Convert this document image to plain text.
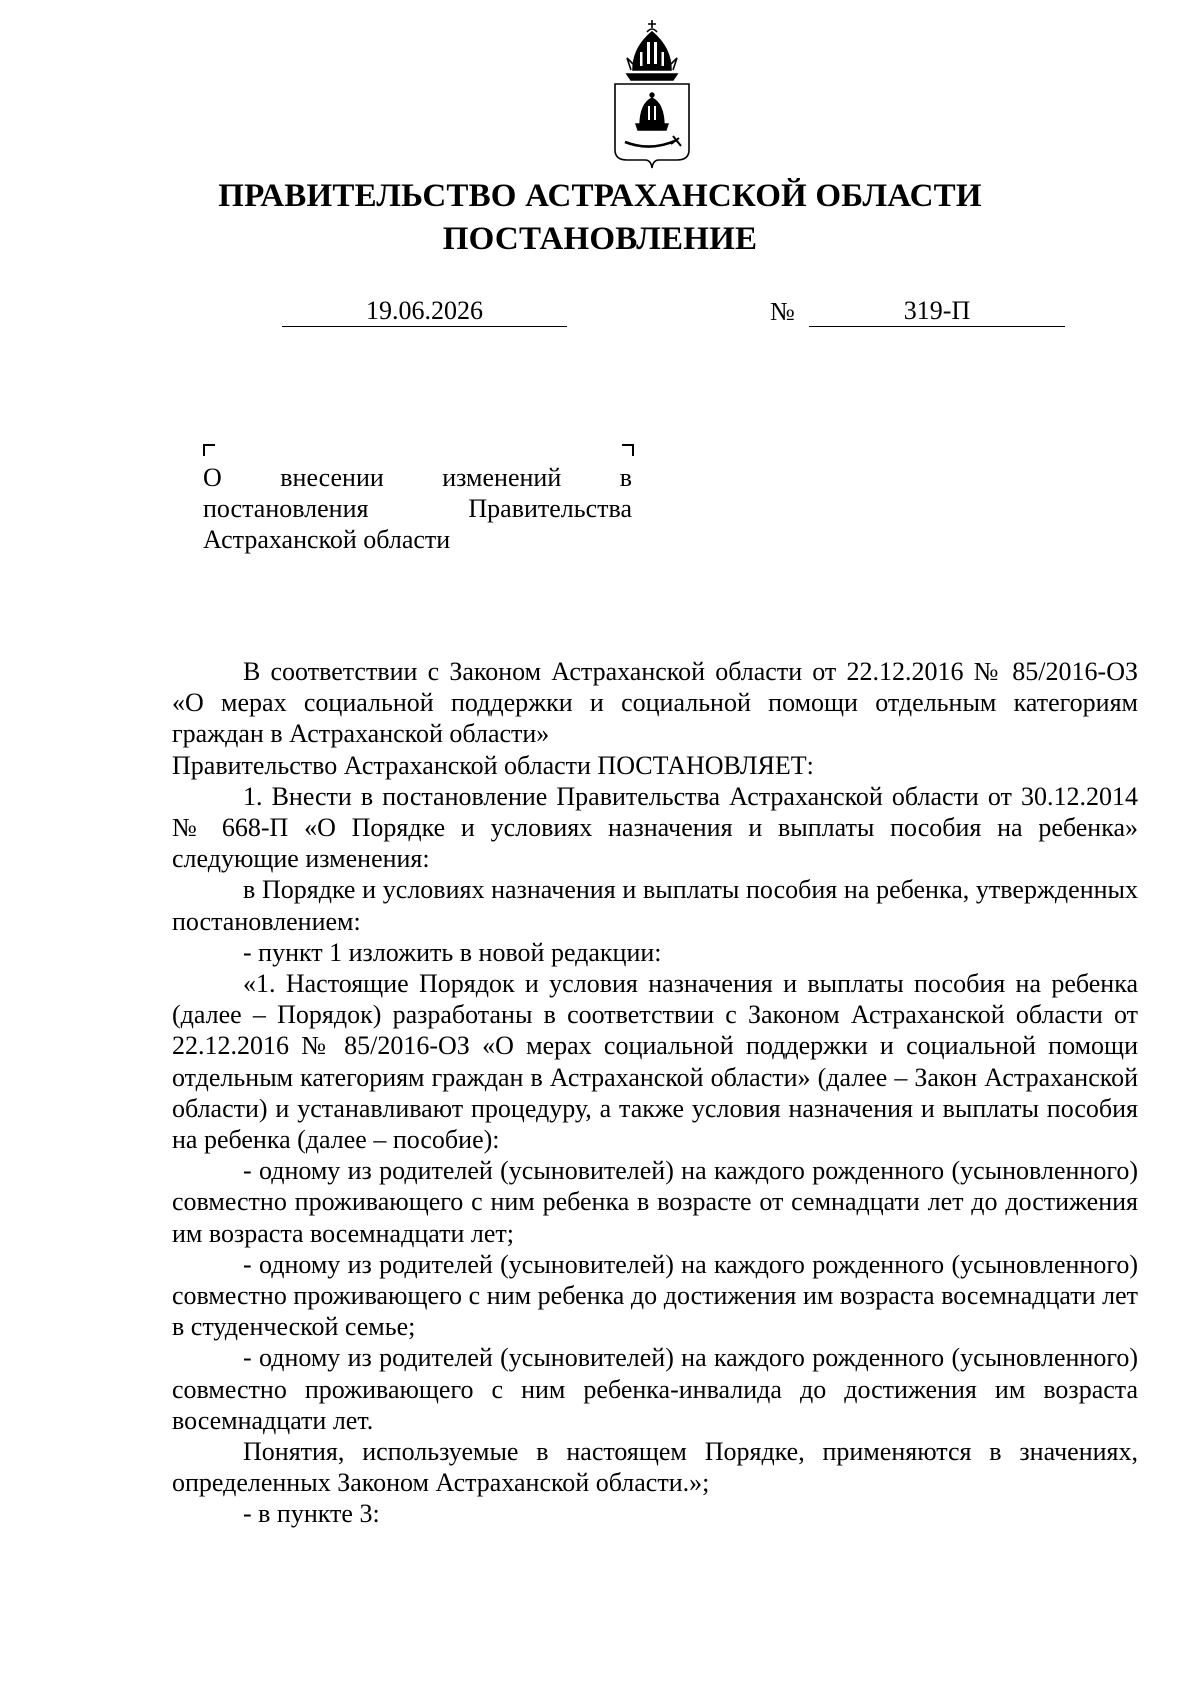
ПРАВИТЕЛЬСТВО АСТРАХАНСКОЙ ОБЛАСТИ
ПОСТАНОВЛЕНИЕ
19.06.2026	№	319-П
О внесении изменений в постановления Правительства Астраханской области

В соответствии с Законом Астраханской области от 22.12.2016 № 85/2016-ОЗ «О мерах социальной поддержки и социальной помощи отдельным категориям граждан в Астраханской области»

Правительство Астраханской области ПОСТАНОВЛЯЕТ:

1. Внести в постановление Правительства Астраханской области от 30.12.2014 № 668-П «О Порядке и условиях назначения и выплаты пособия на ребенка» следующие изменения:

в Порядке и условиях назначения и выплаты пособия на ребенка, утвержденных постановлением:

- пункт 1 изложить в новой редакции:

«1. Настоящие Порядок и условия назначения и выплаты пособия на ребенка (далее – Порядок) разработаны в соответствии с Законом Астраханской области от 22.12.2016 № 85/2016-ОЗ «О мерах социальной поддержки и социальной помощи отдельным категориям граждан в Астраханской области» (далее – Закон Астраханской области) и устанавливают процедуру, а также условия назначения и выплаты пособия на ребенка (далее – пособие):

- одному из родителей (усыновителей) на каждого рожденного (усыновленного) совместно проживающего с ним ребенка в возрасте от семнадцати лет до достижения им возраста восемнадцати лет;

- одному из родителей (усыновителей) на каждого рожденного (усыновленного) совместно проживающего с ним ребенка до достижения им возраста восемнадцати лет в студенческой семье;

- одному из родителей (усыновителей) на каждого рожденного (усыновленного) совместно проживающего с ним ребенка-инвалида до достижения им возраста восемнадцати лет.

Понятия, используемые в настоящем Порядке, применяются в значениях, определенных Законом Астраханской области.»;

- в пункте 3:
